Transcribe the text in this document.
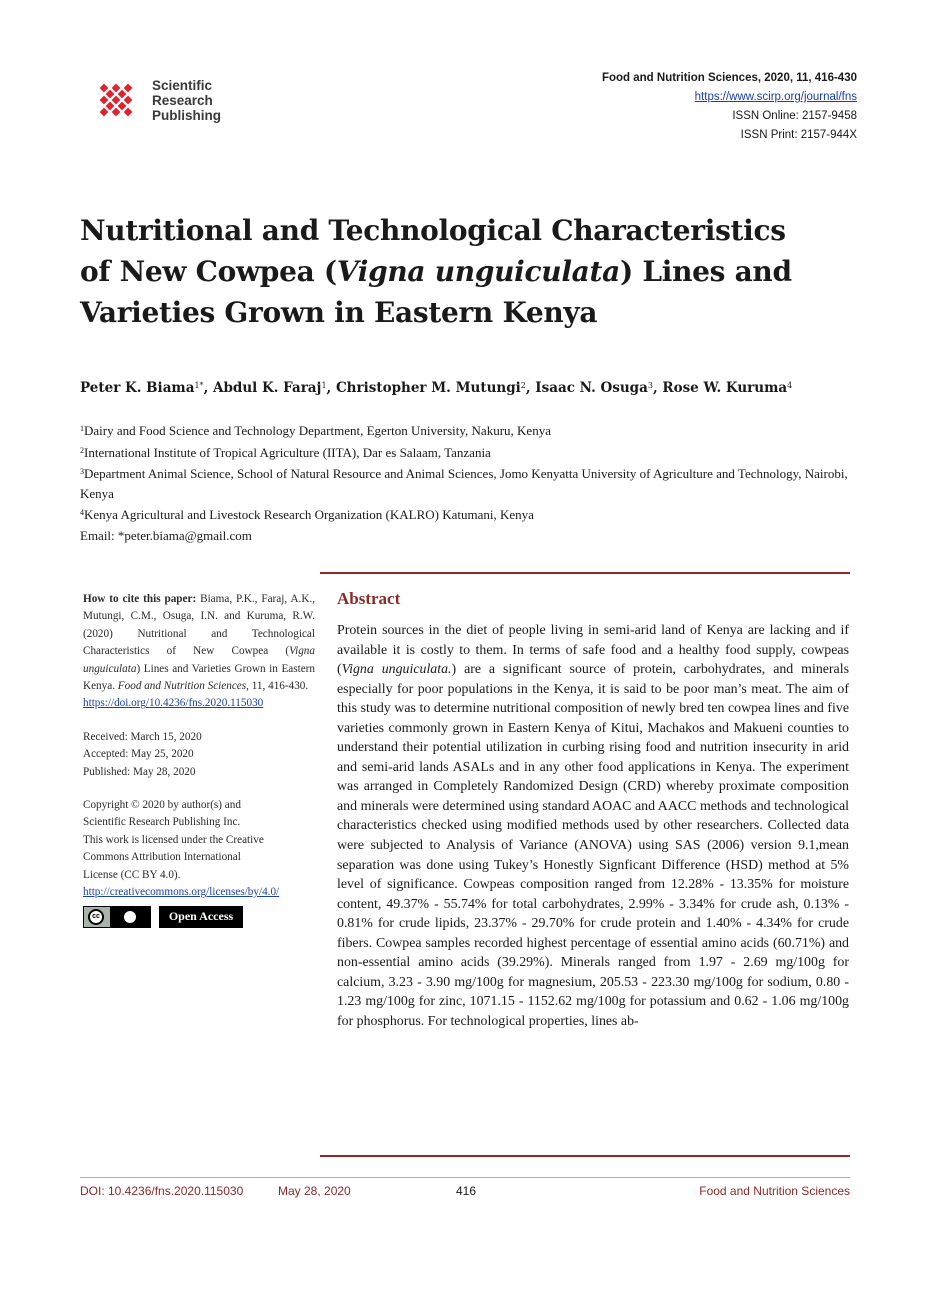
Scientific
Research
Publishing
Food and Nutrition Sciences, 2020, 11, 416-430
https://www.scirp.org/journal/fns
ISSN Online: 2157-9458
ISSN Print: 2157-944X
Nutritional and Technological Characteristics
of New Cowpea (Vigna unguiculata) Lines and
Varieties Grown in Eastern Kenya
Peter K. Biama$^{1*}$, Abdul K. Faraj$^1$, Christopher M. Mutungi$^2$, Isaac N. Osuga$^3$, Rose W. Kuruma$^4$

$^1$Dairy and Food Science and Technology Department, Egerton University, Nakuru, Kenya

$^2$International Institute of Tropical Agriculture (IITA), Dar es Salaam, Tanzania

$^3$Department Animal Science, School of Natural Resource and Animal Sciences, Jomo Kenyatta University of Agriculture and Technology, Nairobi, Kenya

$^4$Kenya Agricultural and Livestock Research Organization (KALRO) Katumani, Kenya

Email: *peter.biama@gmail.com

How to cite this paper: Biama, P.K., Faraj, A.K., Mutungi, C.M., Osuga, I.N. and Kuruma, R.W. (2020) Nutritional and Technological Characteristics of New Cowpea (Vigna unguiculata) Lines and Varieties Grown in Eastern Kenya. Food and Nutrition Sciences, 11, 416-430.
https://doi.org/10.4236/fns.2020.115030
Received: March 15, 2020
Accepted: May 25, 2020
Published: May 28, 2020
Copyright © 2020 by author(s) and
Scientific Research Publishing Inc.
This work is licensed under the Creative
Commons Attribution International
License (CC BY 4.0).
http://creativecommons.org/licenses/by/4.0/
cc	Open Access
Abstract

Protein sources in the diet of people living in semi-arid land of Kenya are lacking and if available it is costly to them. In terms of safe food and a healthy food supply, cowpeas (Vigna unguiculata.) are a significant source of protein, carbohydrates, and minerals especially for poor populations in the Kenya, it is said to be poor man’s meat. The aim of this study was to determine nutritional composition of newly bred ten cowpea lines and five varieties commonly grown in Eastern Kenya of Kitui, Machakos and Makueni counties to understand their potential utilization in curbing rising food and nutrition insecurity in arid and semi-arid lands ASALs and in any other food applications in Kenya. The experiment was arranged in Completely Randomized Design (CRD) whereby proximate composition and minerals were determined using standard AOAC and AACC methods and technological characteristics checked using modified methods used by other researchers. Collected data were subjected to Analysis of Variance (ANOVA) using SAS (2006) version 9.1,mean separation was done using Tukey’s Honestly Signficant Difference (HSD) method at 5% level of significance. Cowpeas composition ranged from 12.28% - 13.35% for moisture content, 49.37% - 55.74% for total carbohydrates, 2.99% - 3.34% for crude ash, 0.13% - 0.81% for crude lipids, 23.37% - 29.70% for crude protein and 1.40% - 4.34% for crude fibers. Cowpea samples recorded highest percentage of essential amino acids (60.71%) and non-essential amino acids (39.29%). Minerals ranged from 1.97 - 2.69 mg/100g for calcium, 3.23 - 3.90 mg/100g for magnesium, 205.53 - 223.30 mg/100g for sodium, 0.80 - 1.23 mg/100g for zinc, 1071.15 - 1152.62 mg/100g for potassium and 0.62 - 1.06 mg/100g for phosphorus. For technological properties, lines ab-

DOI: 10.4236/fns.2020.115030	May 28, 2020	416	Food and Nutrition Sciences
